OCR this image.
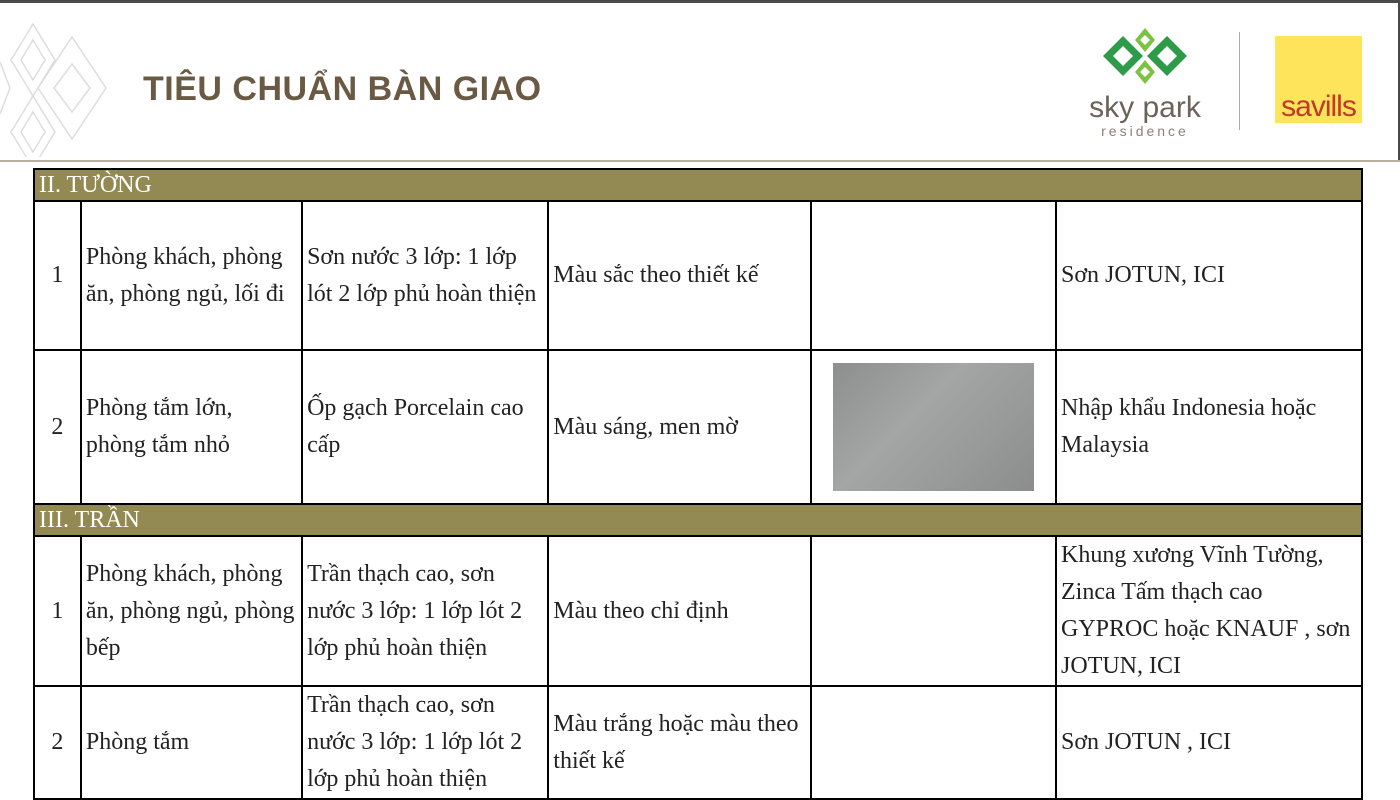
TIÊU CHUẨN BÀN GIAO	sky park
residence
savills
II. TƯỜNG					
1	Phòng khách, phòng ăn, phòng ngủ, lối đi	Sơn nước 3 lớp: 1 lớp lót 2 lớp phủ hoàn thiện	Màu sắc theo thiết kế		Sơn JOTUN, ICI
2	Phòng tắm lớn, phòng tắm nhỏ	Ốp gạch Porcelain cao cấp	Màu sáng, men mờ		Nhập khẩu Indonesia hoặc Malaysia
III. TRẦN					
1	Phòng khách, phòng ăn, phòng ngủ, phòng bếp	Trần thạch cao, sơn nước 3 lớp: 1 lớp lót 2 lớp phủ hoàn thiện	Màu theo chỉ định		Khung xương Vĩnh Tường, Zinca Tấm thạch cao GYPROC hoặc KNAUF , sơn JOTUN, ICI
2	Phòng tắm	Trần thạch cao, sơn nước 3 lớp: 1 lớp lót 2 lớp phủ hoàn thiện	Màu trắng hoặc màu theo thiết kế		Sơn JOTUN , ICI
